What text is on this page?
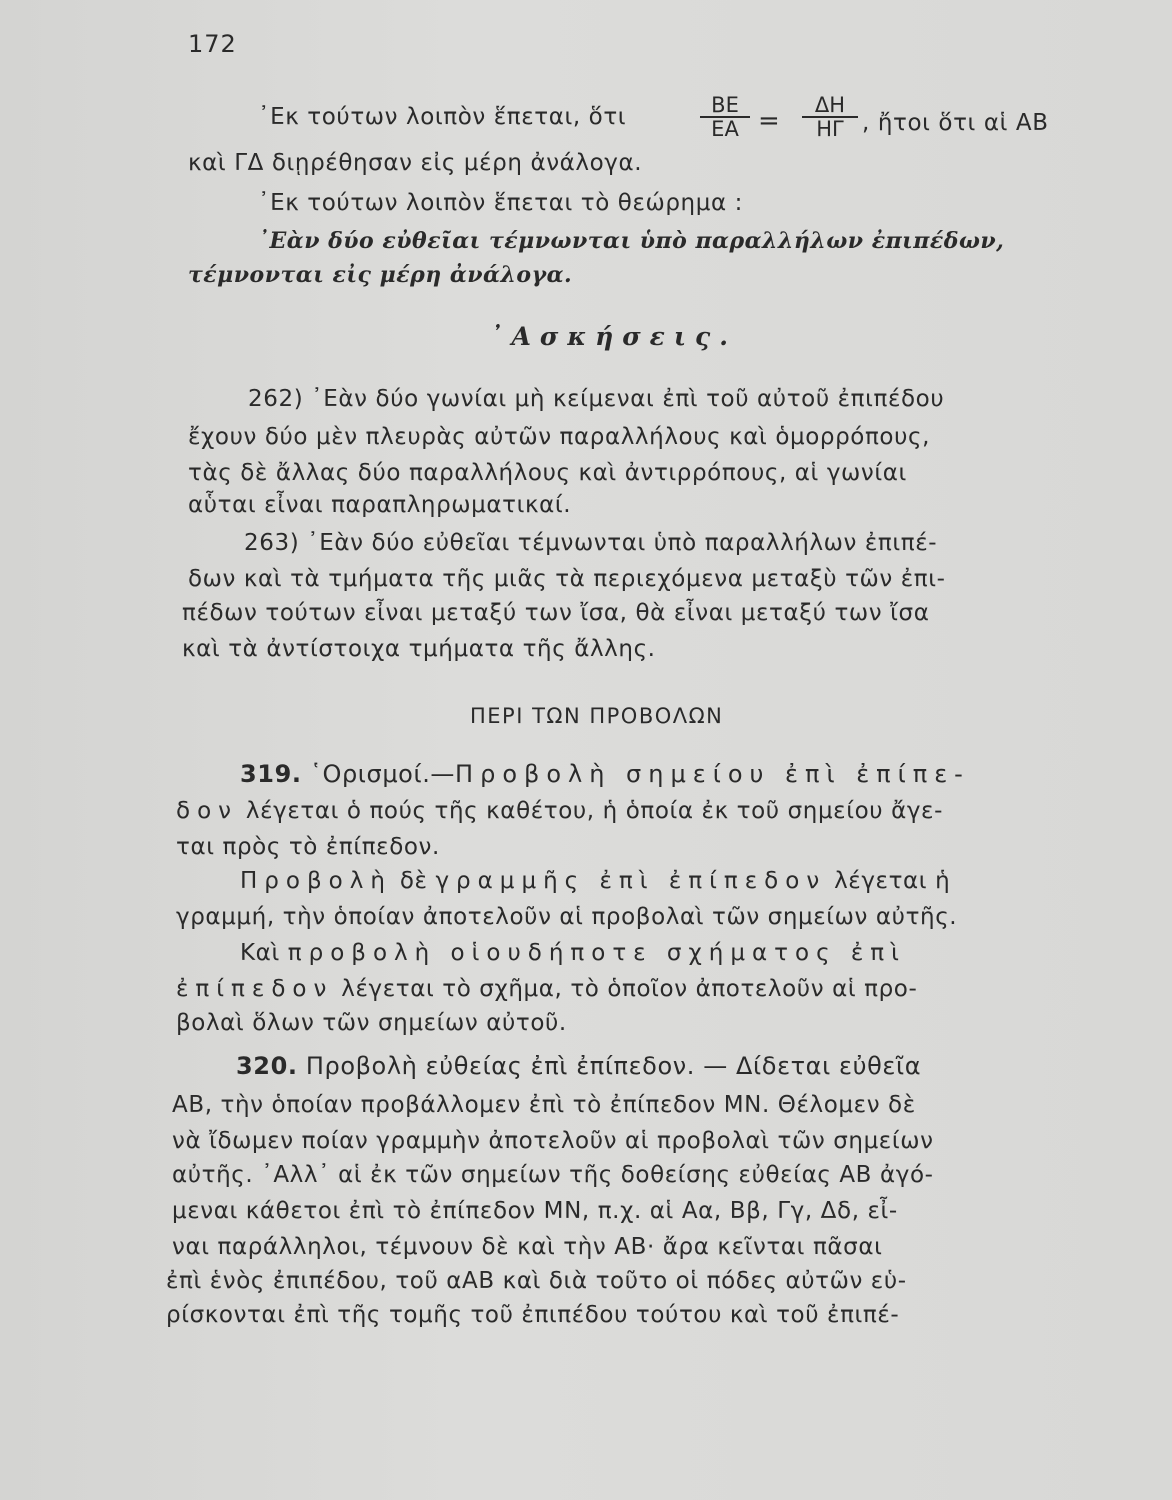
172
᾿Εκ τούτων λοιπὸν ἕπεται, ὅτι	$\frac{BE}{EA} = \frac{\Delta H}{H\Gamma}$ , ἤτοι ὅτι αἱ ΑΒ
καὶ ΓΔ διῃρέθησαν εἰς μέρη ἀνάλογα.
᾿Εκ τούτων λοιπὸν ἕπεται τὸ θεώρημα :
᾿Εὰν δύο εὐθεῖαι τέμνωνται ὑπὸ παραλλήλων ἐπιπέδων,
τέμνονται εἰς μέρη ἀνάλογα.
᾿Ασκήσεις.
262) ᾿Εὰν δύο γωνίαι μὴ κείμεναι ἐπὶ τοῦ αὐτοῦ ἐπιπέδου
ἔχουν δύο μὲν πλευρὰς αὐτῶν παραλλήλους καὶ ὁμορρόπους,
τὰς δὲ ἄλλας δύο παραλλήλους καὶ ἀντιρρόπους, αἱ γωνίαι
αὗται εἶναι παραπληρωματικαί.
263) ᾿Εὰν δύο εὐθεῖαι τέμνωνται ὑπὸ παραλλήλων ἐπιπέ-
δων καὶ τὰ τμήματα τῆς μιᾶς τὰ περιεχόμενα μεταξὺ τῶν ἐπι-
πέδων τούτων εἶναι μεταξύ των ἴσα, θὰ εἶναι μεταξύ των ἴσα
καὶ τὰ ἀντίστοιχα τμήματα τῆς ἄλλης.
ΠΕΡΙ ΤΩΝ ΠΡΟΒΟΛΩΝ
319. ῾Ορισμοί.—Προβολὴ σημείου ἐπὶ ἐπίπε-
δον λέγεται ὁ πούς τῆς καθέτου, ἡ ὁποία ἐκ τοῦ σημείου ἄγε-
ται πρὸς τὸ ἐπίπεδον.
Προβολὴ δὲ γραμμῆς ἐπὶ ἐπίπεδον λέγεται ἡ
γραμμή, τὴν ὁποίαν ἀποτελοῦν αἱ προβολαὶ τῶν σημείων αὐτῆς.
Καὶ προβολὴ οἱουδήποτε σχήματος ἐπὶ
ἐπίπεδον λέγεται τὸ σχῆμα, τὸ ὁποῖον ἀποτελοῦν αἱ προ-
βολαὶ ὅλων τῶν σημείων αὐτοῦ.
320. Προβολὴ εὐθείας ἐπὶ ἐπίπεδον. — Δίδεται εὐθεῖα
ΑΒ, τὴν ὁποίαν προβάλλομεν ἐπὶ τὸ ἐπίπεδον ΜΝ. Θέλομεν δὲ
νὰ ἴδωμεν ποίαν γραμμὴν ἀποτελοῦν αἱ προβολαὶ τῶν σημείων
αὐτῆς. ᾿Αλλ᾿ αἱ ἐκ τῶν σημείων τῆς δοθείσης εὐθείας ΑΒ ἀγό-
μεναι κάθετοι ἐπὶ τὸ ἐπίπεδον ΜΝ, π.χ. αἱ Αα, Ββ, Γγ, Δδ, εἶ-
ναι παράλληλοι, τέμνουν δὲ καὶ τὴν ΑΒ· ἄρα κεῖνται πᾶσαι
ἐπὶ ἑνὸς ἐπιπέδου, τοῦ αΑΒ καὶ διὰ τοῦτο οἱ πόδες αὐτῶν εὑ-
ρίσκονται ἐπὶ τῆς τομῆς τοῦ ἐπιπέδου τούτου καὶ τοῦ ἐπιπέ-
